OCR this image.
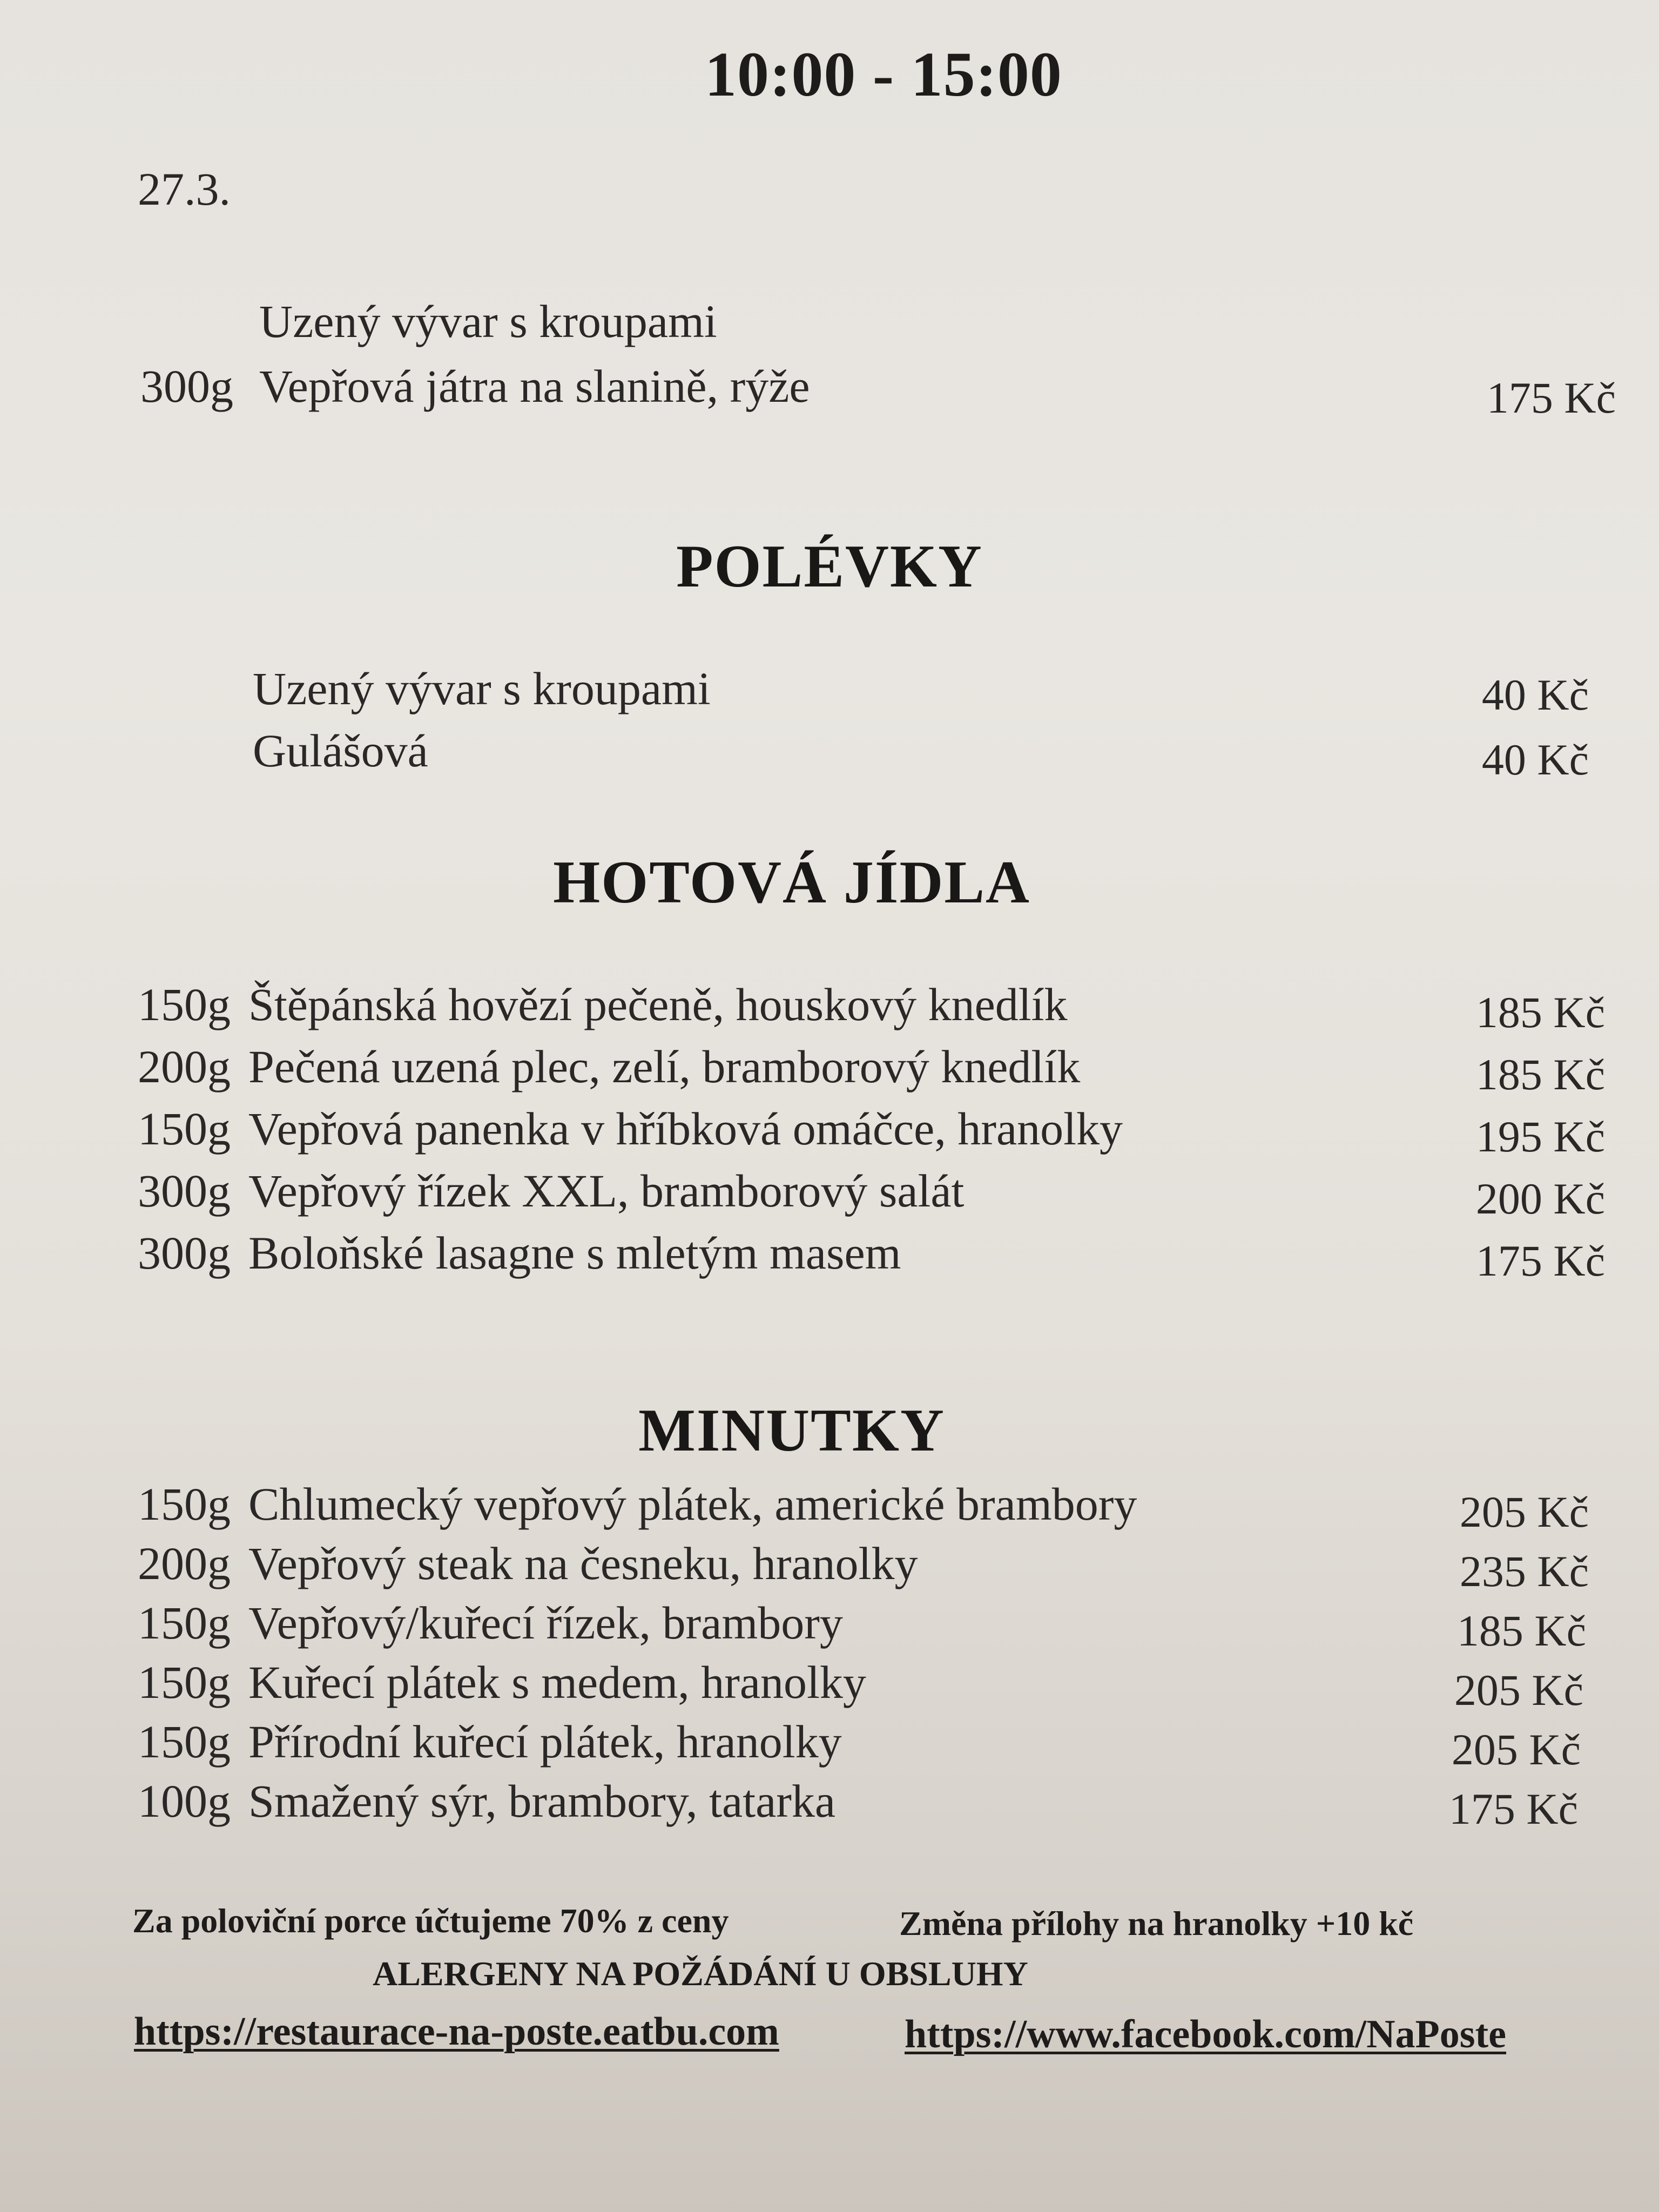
10:00 - 15:00
27.3.
Uzený vývar s kroupami
300g Vepřová játra na slanině, rýže	175 Kč
POLÉVKY
Uzený vývar s kroupami	40 Kč
Gulášová	40 Kč
HOTOVÁ JÍDLA
150g Štěpánská hovězí pečeně, houskový knedlík	185 Kč
200g Pečená uzená plec, zelí, bramborový knedlík	185 Kč
150g Vepřová panenka v hříbková omáčce, hranolky	195 Kč
300g Vepřový řízek XXL, bramborový salát	200 Kč
300g Boloňské lasagne s mletým masem	175 Kč
MINUTKY
150g Chlumecký vepřový plátek, americké brambory	205 Kč
200g Vepřový steak na česneku, hranolky	235 Kč
150g Vepřový/kuřecí řízek, brambory	185 Kč
150g Kuřecí plátek s medem, hranolky	205 Kč
150g Přírodní kuřecí plátek, hranolky	205 Kč
100g Smažený sýr, brambory, tatarka	175 Kč
Za poloviční porce účtujeme 70% z ceny	Změna přílohy na hranolky +10 kč
ALERGENY NA POŽÁDÁNÍ U OBSLUHY
https://restaurace-na-poste.eatbu.com	https://www.facebook.com/NaPoste
